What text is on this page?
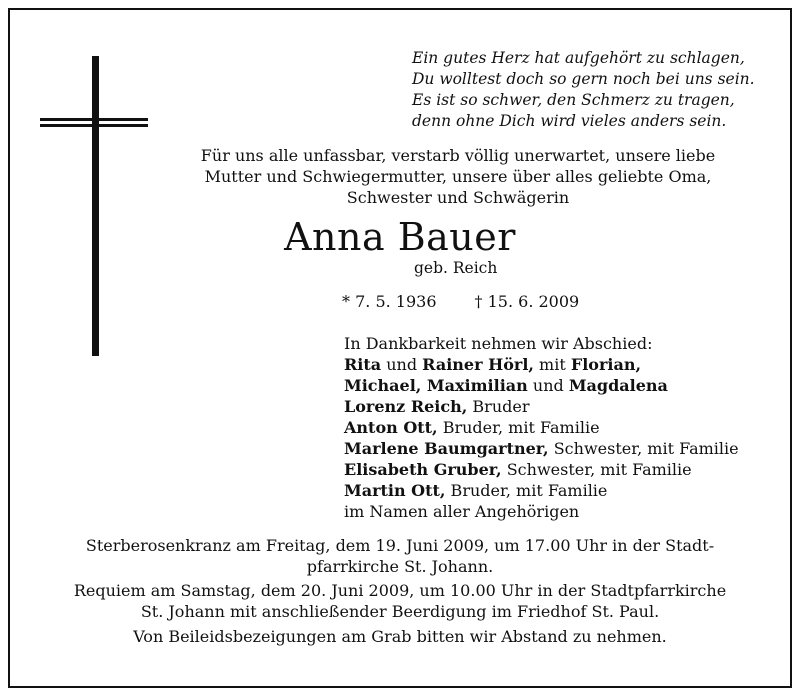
Ein gutes Herz hat aufgehört zu schlagen,
Du wolltest doch so gern noch bei uns sein.
Es ist so schwer, den Schmerz zu tragen,
denn ohne Dich wird vieles anders sein.
Für uns alle unfassbar, verstarb völlig unerwartet, unsere liebe
Mutter und Schwiegermutter, unsere über alles geliebte Oma,
Schwester und Schwägerin
Anna Bauer
geb. Reich
* 7. 5. 1936 † 15. 6. 2009
In Dankbarkeit nehmen wir Abschied:
Rita und Rainer Hörl, mit Florian,
Michael, Maximilian und Magdalena
Lorenz Reich, Bruder
Anton Ott, Bruder, mit Familie
Marlene Baumgartner, Schwester, mit Familie
Elisabeth Gruber, Schwester, mit Familie
Martin Ott, Bruder, mit Familie
im Namen aller Angehörigen
Sterberosenkranz am Freitag, dem 19. Juni 2009, um 17.00 Uhr in der Stadt-
pfarrkirche St. Johann.
Requiem am Samstag, dem 20. Juni 2009, um 10.00 Uhr in der Stadtpfarrkirche
St. Johann mit anschließender Beerdigung im Friedhof St. Paul.
Von Beileidsbezeigungen am Grab bitten wir Abstand zu nehmen.
